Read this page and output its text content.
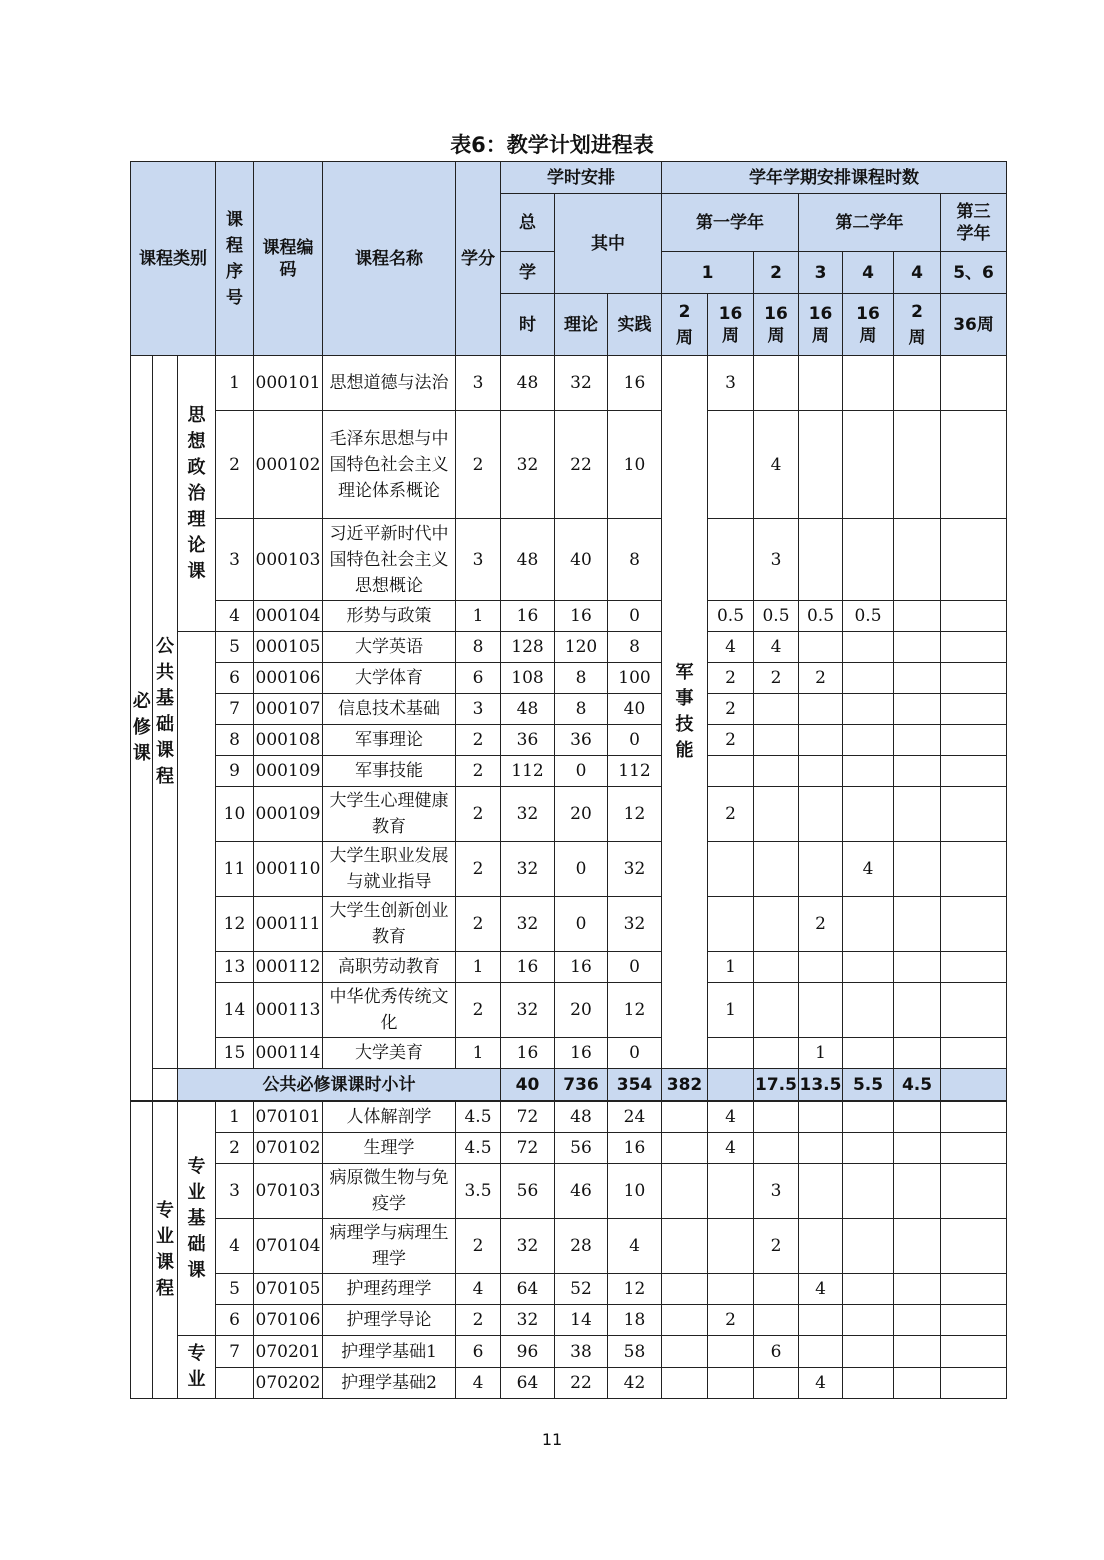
表6：教学计划进程表
课程类别			课程序号	课程编码	课程名称	学分	学时安排			学年学期安排课程时数							
							总	其中		第一学年			第二学年			第三学年	
							学			1		2	3	4	4	5、6	
							时	理论	实践	2周	16周	16周	16周	16周	2周	36周	
必修课	公共基础课程	思想政治理论课	1	000101	思想道德与法治	3	48	32	16	军事技能	3						
			2	000102	毛泽东思想与中国特色社会主义理论体系概论	2	32	22	10			4					
			3	000103	习近平新时代中国特色社会主义思想概论	3	48	40	8			3					
			4	000104	形势与政策	1	16	16	0		0.5	0.5	0.5	0.5			
			5	000105	大学英语	8	128	120	8		4	4					
			6	000106	大学体育	6	108	8	100		2	2	2				
			7	000107	信息技术基础	3	48	8	40		2						
			8	000108	军事理论	2	36	36	0		2						
			9	000109	军事技能	2	112	0	112								
			10	000109	大学生心理健康教育	2	32	20	12		2						
			11	000110	大学生职业发展与就业指导	2	32	0	32					4			
			12	000111	大学生创新创业教育	2	32	0	32				2				
			13	000112	高职劳动教育	1	16	16	0		1						
			14	000113	中华优秀传统文化	2	32	20	12		1						
			15	000114	大学美育	1	16	16	0				1				
		公共必修课课时小计					40	736	354	382		17.5	13.5	5.5	4.5		
	专业课程	专业基础课	1	070101	人体解剖学	4.5	72	48	24		4					
			2	070102	生理学	4.5	72	56	16		4					
			3	070103	病原微生物与免疫学	3.5	56	46	10			3				
			4	070104	病理学与病理生理学	2	32	28	4			2				
			5	070105	护理药理学	4	64	52	12				4			
			6	070106	护理学导论	2	32	14	18		2					
		专业	7	070201	护理学基础1	6	96	38	58			6				
				070202	护理学基础2	4	64	22	42				4			
11
